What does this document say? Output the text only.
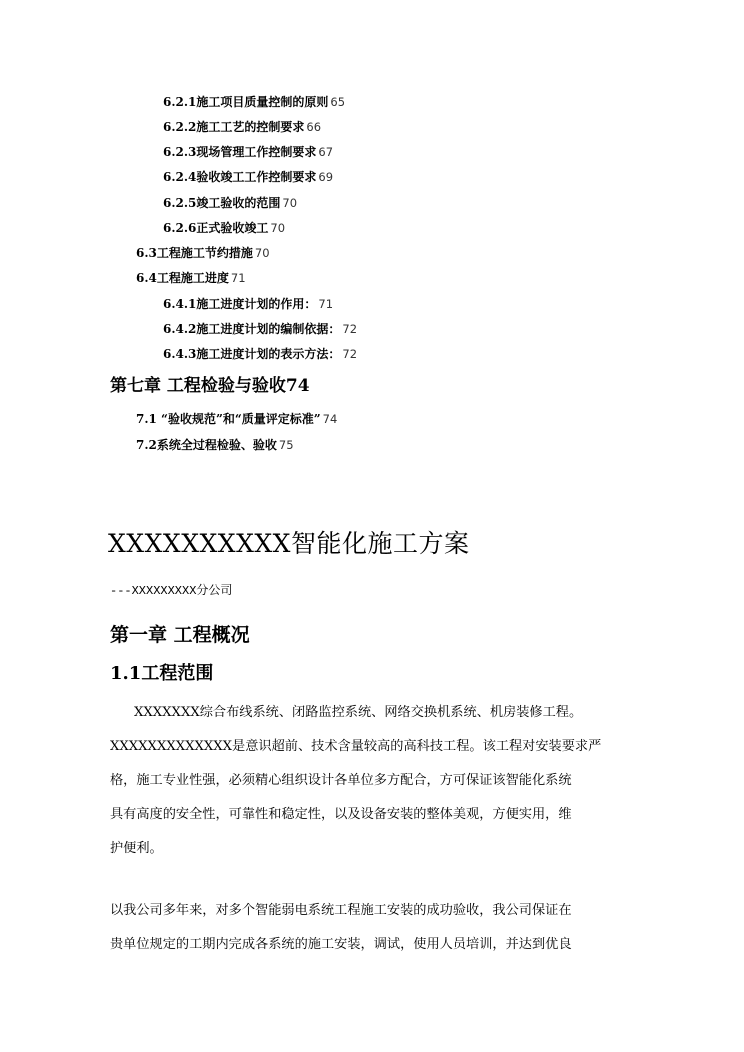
6.2.1施工项目质量控制的原则 65
6.2.2施工工艺的控制要求 66
6.2.3现场管理工作控制要求 67
6.2.4验收竣工工作控制要求 69
6.2.5竣工验收的范围 70
6.2.6正式验收竣工 70
6.3工程施工节约措施 70
6.4工程施工进度 71
6.4.1施工进度计划的作用： 71
6.4.2施工进度计划的编制依据： 72
6.4.3施工进度计划的表示方法： 72
第七章 工程检验与验收74
7.1 “验收规范”和“质量评定标准” 74
7.2系统全过程检验、验收 75
XXXXXXXXXX智能化施工方案
---XXXXXXXXX分公司
第一章 工程概况
1.1工程范围
XXXXXXX综合布线系统、闭路监控系统、网络交换机系统、机房装修工程。
XXXXXXXXXXXXX是意识超前、技术含量较高的高科技工程。该工程对安装要求严
格，施工专业性强，必须精心组织设计各单位多方配合，方可保证该智能化系统
具有高度的安全性，可靠性和稳定性，以及设备安装的整体美观，方便实用，维
护便利。
以我公司多年来，对多个智能弱电系统工程施工安装的成功验收，我公司保证在
贵单位规定的工期内完成各系统的施工安装，调试，使用人员培训，并达到优良
